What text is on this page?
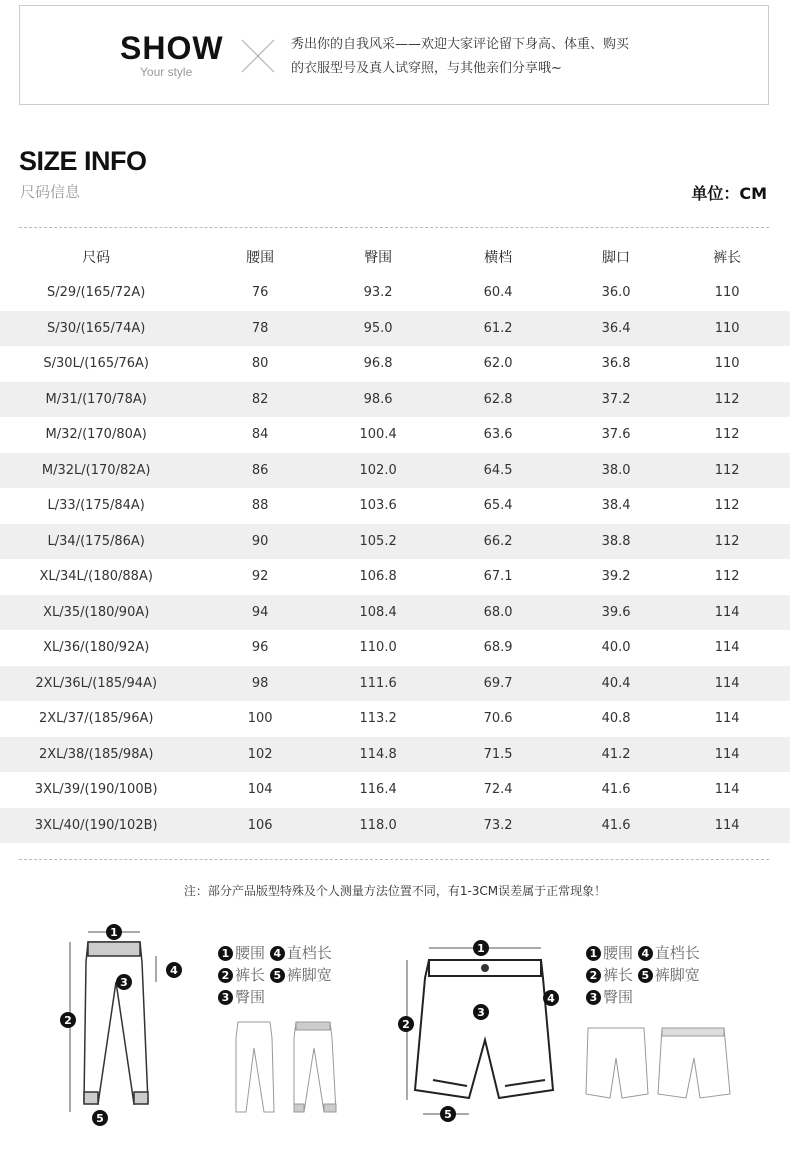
SHOW
Your style
秀出你的自我风采——欢迎大家评论留下身高、体重、购买
的衣服型号及真人试穿照，与其他亲们分享哦~
SIZE INFO
尺码信息	单位：CM
尺码	腰围	臀围	横档	脚口	裤长
S/29/(165/72A)	76	93.2	60.4	36.0	110
S/30/(165/74A)	78	95.0	61.2	36.4	110
S/30L/(165/76A)	80	96.8	62.0	36.8	110
M/31/(170/78A)	82	98.6	62.8	37.2	112
M/32/(170/80A)	84	100.4	63.6	37.6	112
M/32L/(170/82A)	86	102.0	64.5	38.0	112
L/33/(175/84A)	88	103.6	65.4	38.4	112
L/34/(175/86A)	90	105.2	66.2	38.8	112
XL/34L/(180/88A)	92	106.8	67.1	39.2	112
XL/35/(180/90A)	94	108.4	68.0	39.6	114
XL/36/(180/92A)	96	110.0	68.9	40.0	114
2XL/36L/(185/94A)	98	111.6	69.7	40.4	114
2XL/37/(185/96A)	100	113.2	70.6	40.8	114
2XL/38/(185/98A)	102	114.8	71.5	41.2	114
3XL/39/(190/100B)	104	116.4	72.4	41.6	114
3XL/40/(190/102B)	106	118.0	73.2	41.6	114
注：部分产品版型特殊及个人测量方法位置不同，有1-3CM误差属于正常现象！
1
4
3
2
5
1 腰围 4 直档长
2 裤长 5 裤脚宽
3 臀围
1
4
3
2
5
1 腰围 4 直档长
2 裤长 5 裤脚宽
3 臀围
